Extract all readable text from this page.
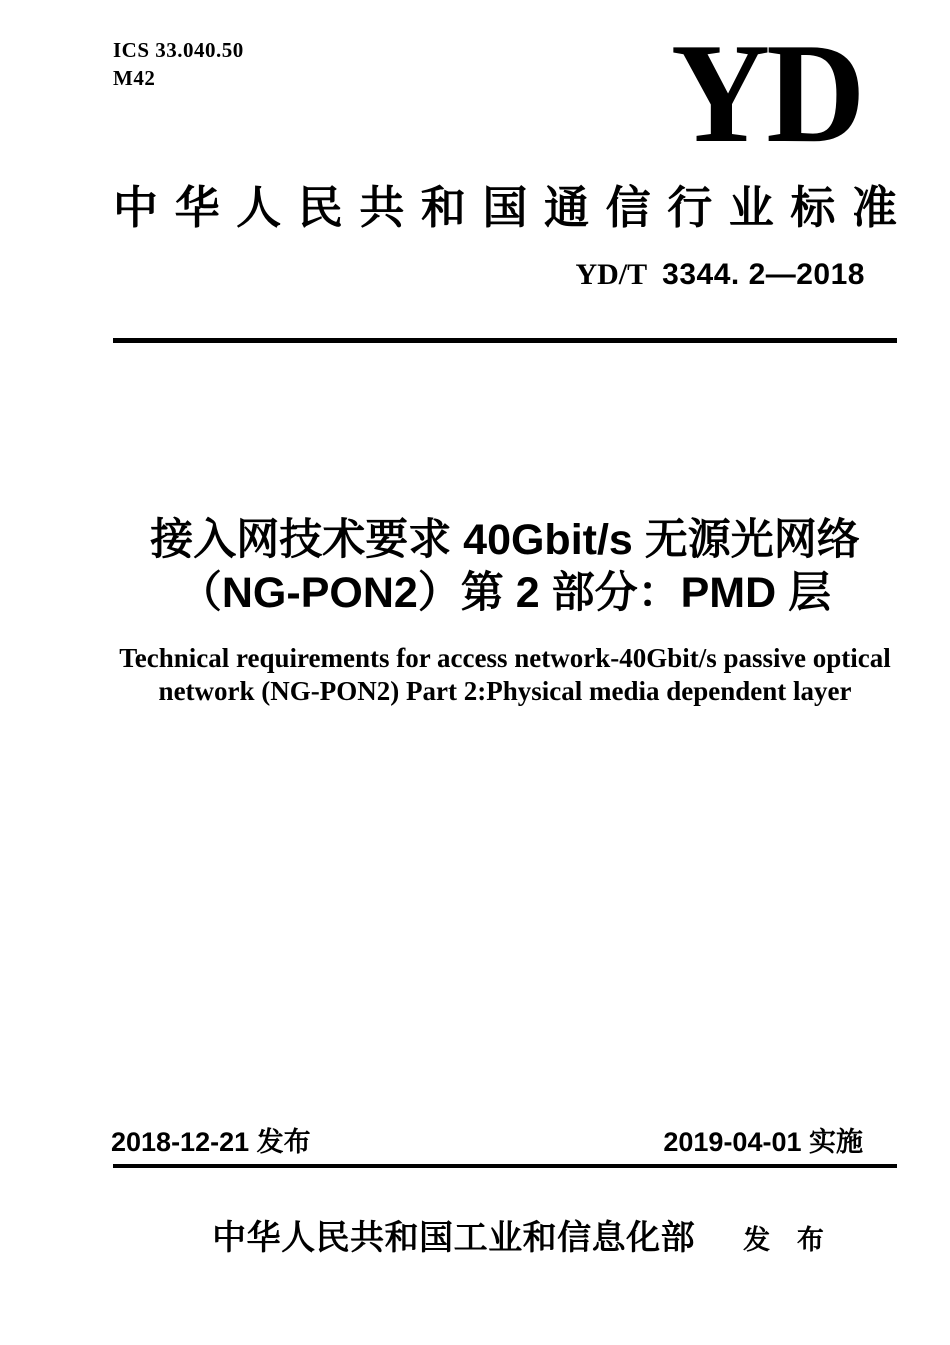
ICS 33.040.50
M42	YD
中 华 人 民 共 和 国 通 信 行 业 标 准
YD/T 3344. 2—2018
接入网技术要求 40Gbit/s 无源光网络
（NG-PON2）第 2 部分：PMD 层
Technical requirements for access network-40Gbit/s passive optical
network (NG-PON2) Part 2:Physical media dependent layer
2018-12-21 发布	2019-04-01 实施
中华人民共和国工业和信息化部 发 布
